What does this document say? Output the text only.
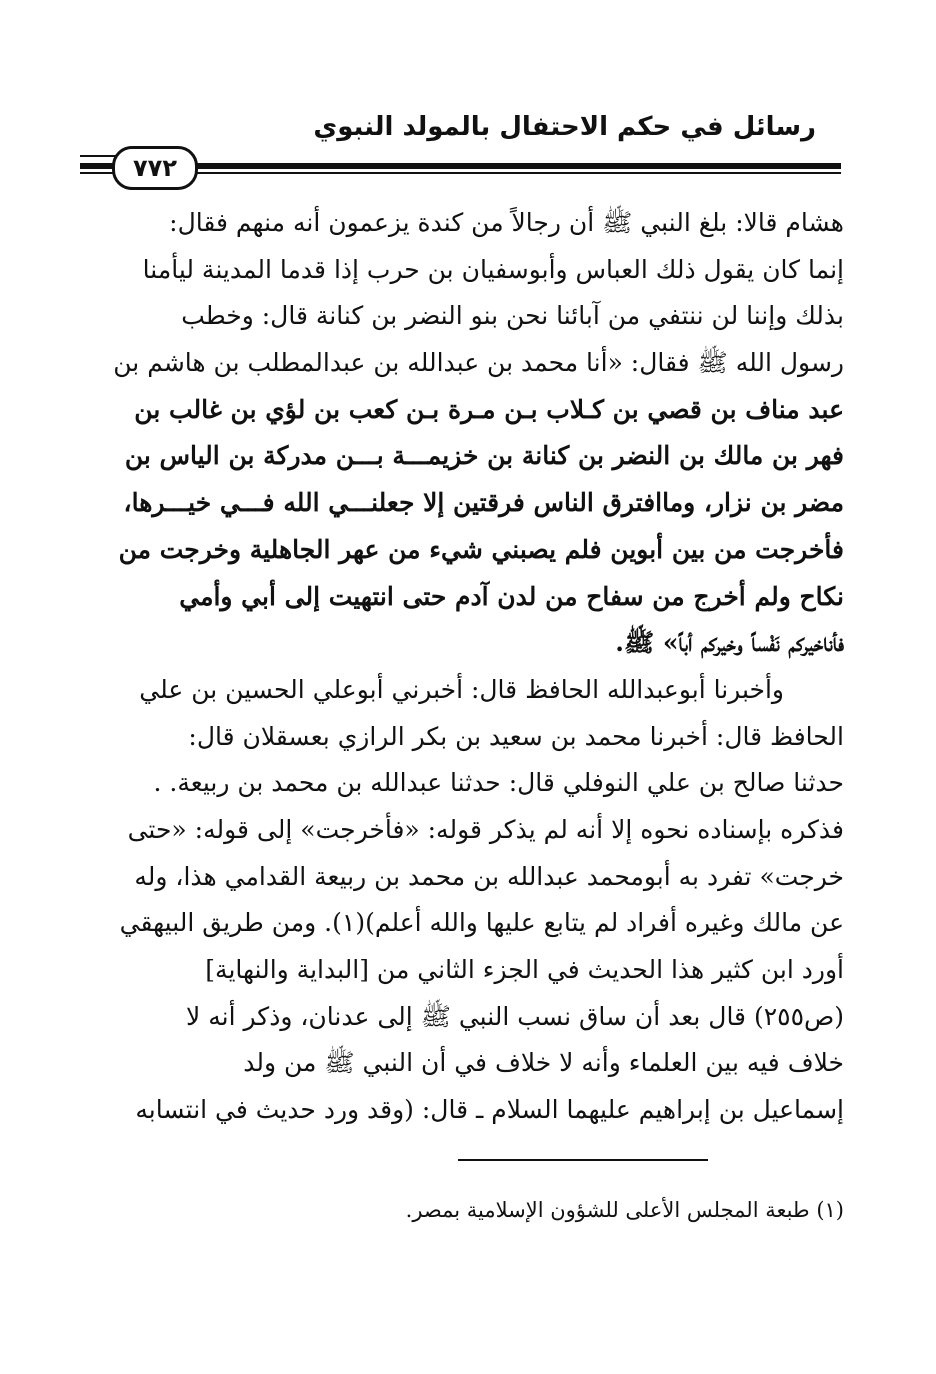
رسائل في حكم الاحتفال بالمولد النبوي
٧٧٢
هشام قالا: بلغ النبي ﷺ أن رجالاً من كندة يزعمون أنه منهم فقال:
إنما كان يقول ذلك العباس وأبوسفيان بن حرب إذا قدما المدينة ليأمنا
بذلك وإننا لن ننتفي من آبائنا نحن بنو النضر بن كنانة قال: وخطب
رسول الله ﷺ فقال: «أنا محمد بن عبدالله بن عبدالمطلب بن هاشم بن
عبد مناف بن قصي بن كـلاب بـن مـرة بـن كعب بن لؤي بن غالب بن
فهر بن مالك بن النضر بن كنانة بن خزيمـــة بـــن مدركة بن الياس بن
مضر بن نزار، وماافترق الناس فرقتين إلا جعلنـــي الله فـــي خيـــرها،
فأخرجت من بين أبوين فلم يصبني شيء من عهر الجاهلية وخرجت من
نكاح ولم أخرج من سفاح من لدن آدم حتى انتهيت إلى أبي وأمي
فأناخيركم نَفْساً وخيركم أباً» ﷺ.
وأخبرنا أبوعبدالله الحافظ قال: أخبرني أبوعلي الحسين بن علي
الحافظ قال: أخبرنا محمد بن سعيد بن بكر الرازي بعسقلان قال:
حدثنا صالح بن علي النوفلي قال: حدثنا عبدالله بن محمد بن ربيعة. .
فذكره بإسناده نحوه إلا أنه لم يذكر قوله: «فأخرجت» إلى قوله: «حتى
خرجت» تفرد به أبومحمد عبدالله بن محمد بن ربيعة القدامي هذا، وله
عن مالك وغيره أفراد لم يتابع عليها والله أعلم)(١). ومن طريق البيهقي
أورد ابن كثير هذا الحديث في الجزء الثاني من [البداية والنهاية]
(ص٢٥٥) قال بعد أن ساق نسب النبي ﷺ إلى عدنان، وذكر أنه لا
خلاف فيه بين العلماء وأنه لا خلاف في أن النبي ﷺ من ولد
إسماعيل بن إبراهيم عليهما السلام ـ قال: (وقد ورد حديث في انتسابه
(١) طبعة المجلس الأعلى للشؤون الإسلامية بمصر.
